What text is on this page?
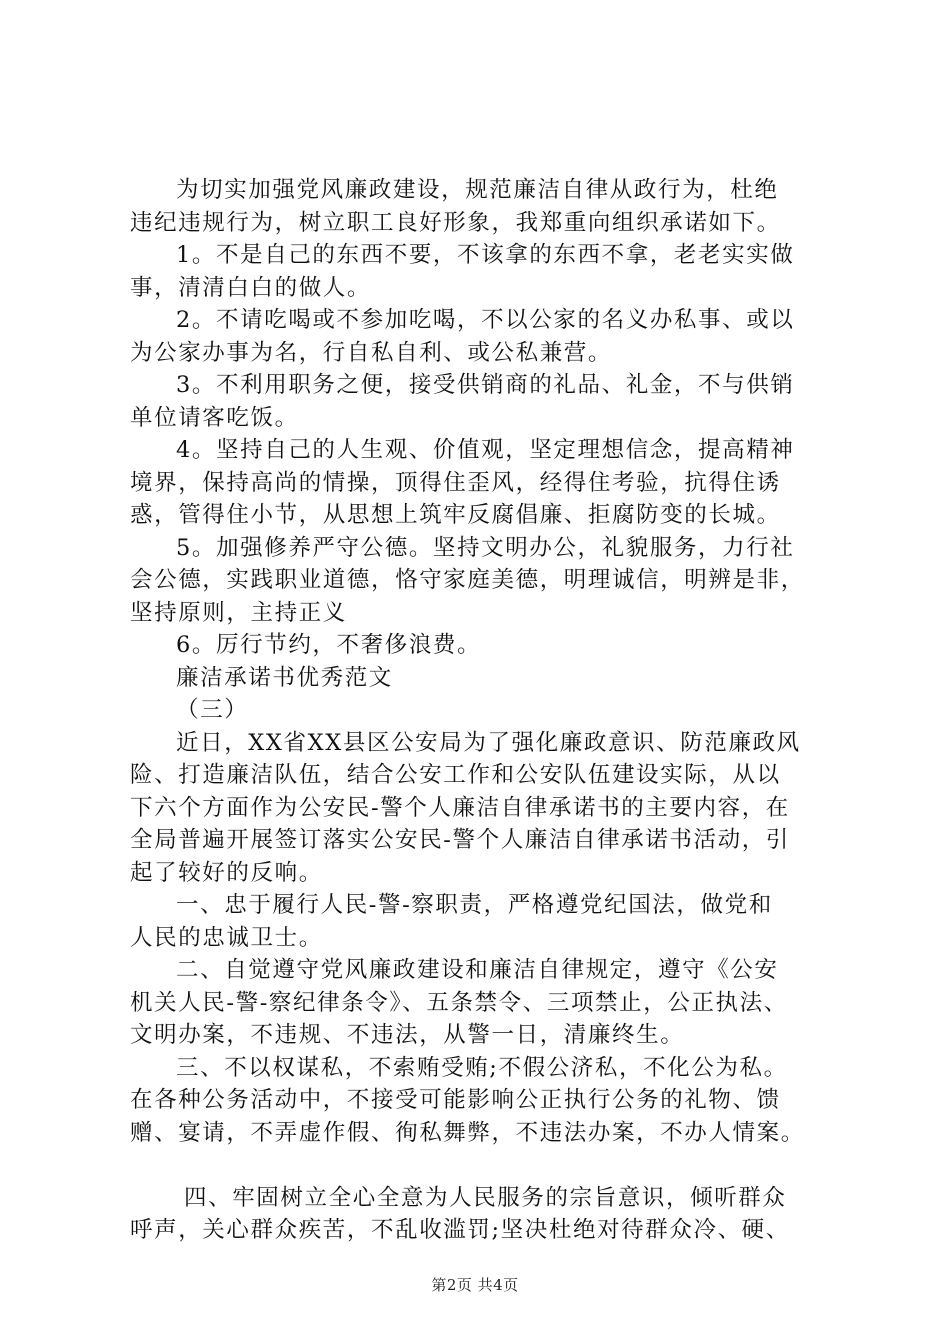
为切实加强党风廉政建设，规范廉洁自律从政行为，杜绝
违纪违规行为，树立职工良好形象，我郑重向组织承诺如下。
1。不是自己的东西不要，不该拿的东西不拿，老老实实做
事，清清白白的做人。
2。不请吃喝或不参加吃喝，不以公家的名义办私事、或以
为公家办事为名，行自私自利、或公私兼营。
3。不利用职务之便，接受供销商的礼品、礼金，不与供销
单位请客吃饭。
4。坚持自己的人生观、价值观，坚定理想信念，提高精神
境界，保持高尚的情操，顶得住歪风，经得住考验，抗得住诱
惑，管得住小节，从思想上筑牢反腐倡廉、拒腐防变的长城。
5。加强修养严守公德。坚持文明办公，礼貌服务，力行社
会公德，实践职业道德，恪守家庭美德，明理诚信，明辨是非，
坚持原则，主持正义
6。厉行节约，不奢侈浪费。
廉洁承诺书优秀范文
（三）
近日，XX省XX县区公安局为了强化廉政意识、防范廉政风
险、打造廉洁队伍，结合公安工作和公安队伍建设实际，从以
下六个方面作为公安民-警个人廉洁自律承诺书的主要内容，在
全局普遍开展签订落实公安民-警个人廉洁自律承诺书活动，引
起了较好的反响。
一、忠于履行人民-警-察职责，严格遵党纪国法，做党和
人民的忠诚卫士。
二、自觉遵守党风廉政建设和廉洁自律规定，遵守《公安
机关人民-警-察纪律条令》、五条禁令、三项禁止，公正执法、
文明办案，不违规、不违法，从警一日，清廉终生。
三、不以权谋私，不索贿受贿;不假公济私，不化公为私。
在各种公务活动中，不接受可能影响公正执行公务的礼物、馈
赠、宴请，不弄虚作假、徇私舞弊，不违法办案，不办人情案。
四、牢固树立全心全意为人民服务的宗旨意识，倾听群众
呼声，关心群众疾苦，不乱收滥罚;坚决杜绝对待群众冷、硬、
第2页 共4页
